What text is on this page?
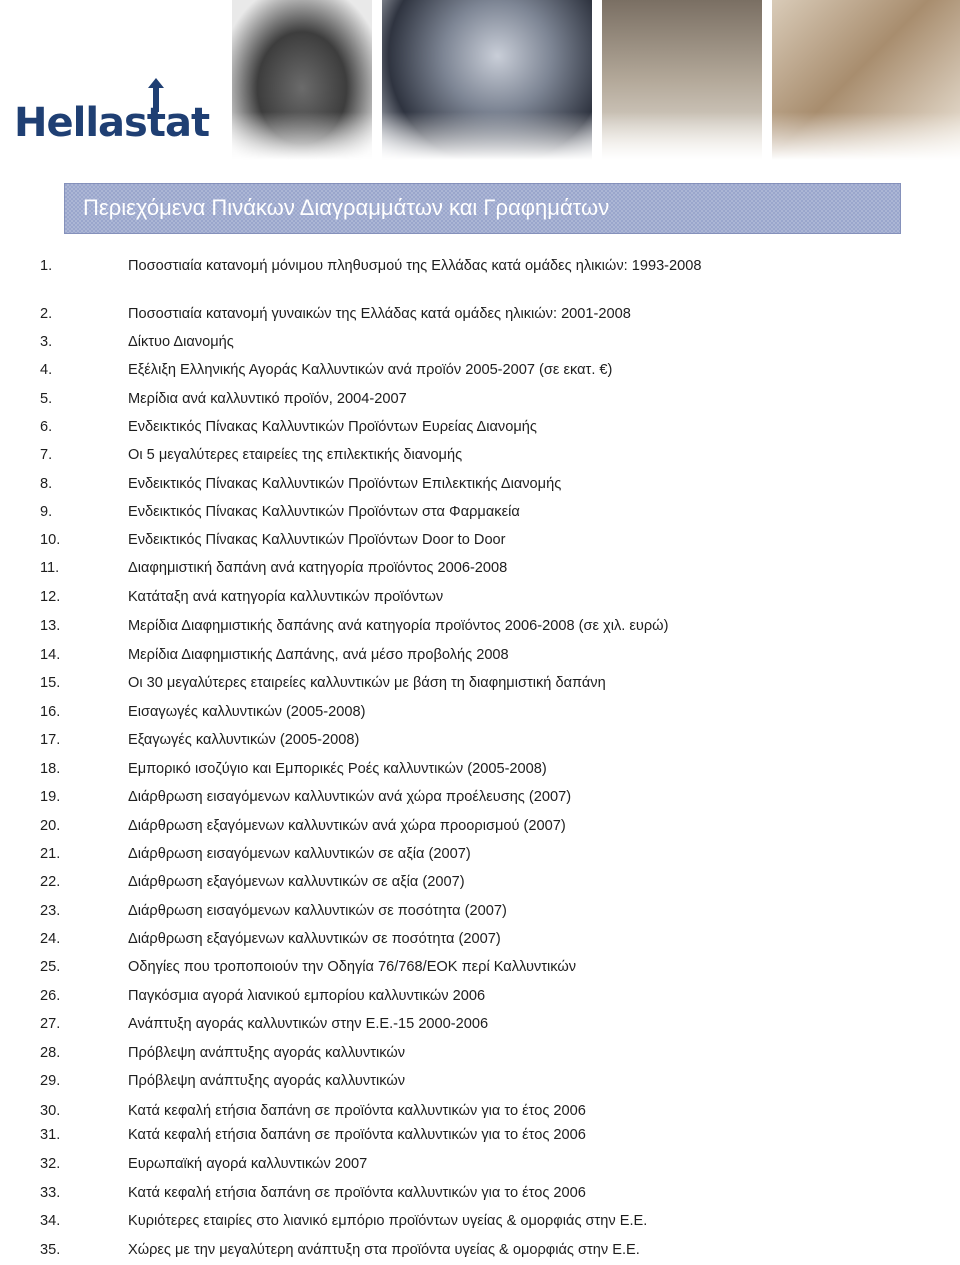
Hellastat
Περιεχόμενα Πινάκων Διαγραμμάτων και Γραφημάτων
1.	Ποσοστιαία κατανομή μόνιμου πληθυσμού της Ελλάδας κατά ομάδες ηλικιών: 1993-2008
2.	Ποσοστιαία κατανομή γυναικών της Ελλάδας κατά ομάδες ηλικιών: 2001-2008
3.	Δίκτυο Διανομής
4.	Εξέλιξη Ελληνικής Αγοράς Καλλυντικών ανά προϊόν 2005-2007 (σε εκατ. €)
5.	Μερίδια ανά καλλυντικό προϊόν, 2004-2007
6.	Ενδεικτικός Πίνακας Καλλυντικών Προϊόντων Ευρείας Διανομής
7.	Οι 5 μεγαλύτερες εταιρείες της επιλεκτικής διανομής
8.	Ενδεικτικός Πίνακας Καλλυντικών Προϊόντων Επιλεκτικής Διανομής
9.	Ενδεικτικός Πίνακας Καλλυντικών Προϊόντων στα Φαρμακεία
10.	Ενδεικτικός Πίνακας Καλλυντικών Προϊόντων Door to Door
11.	Διαφημιστική δαπάνη ανά κατηγορία προϊόντος 2006-2008
12.	Κατάταξη ανά κατηγορία καλλυντικών προϊόντων
13.	Μερίδια Διαφημιστικής δαπάνης ανά κατηγορία προϊόντος 2006-2008 (σε χιλ. ευρώ)
14.	Μερίδια Διαφημιστικής Δαπάνης, ανά μέσο προβολής 2008
15.	Οι 30 μεγαλύτερες εταιρείες καλλυντικών με βάση τη διαφημιστική δαπάνη
16.	Εισαγωγές καλλυντικών (2005-2008)
17.	Εξαγωγές καλλυντικών (2005-2008)
18.	Εμπορικό ισοζύγιο και Εμπορικές Ροές καλλυντικών (2005-2008)
19.	Διάρθρωση εισαγόμενων καλλυντικών ανά χώρα προέλευσης (2007)
20.	Διάρθρωση εξαγόμενων καλλυντικών ανά χώρα προορισμού (2007)
21.	Διάρθρωση εισαγόμενων καλλυντικών σε αξία (2007)
22.	Διάρθρωση εξαγόμενων καλλυντικών σε αξία (2007)
23.	Διάρθρωση εισαγόμενων καλλυντικών σε ποσότητα (2007)
24.	Διάρθρωση εξαγόμενων καλλυντικών σε ποσότητα (2007)
25.	Οδηγίες που τροποποιούν την Οδηγία 76/768/ΕΟΚ περί Καλλυντικών
26.	Παγκόσμια αγορά λιανικού εμπορίου καλλυντικών 2006
27.	Ανάπτυξη αγοράς καλλυντικών στην Ε.Ε.-15 2000-2006
28.	Πρόβλεψη ανάπτυξης αγοράς καλλυντικών
29.	Πρόβλεψη ανάπτυξης αγοράς καλλυντικών
30.	Κατά κεφαλή ετήσια δαπάνη σε προϊόντα καλλυντικών για το έτος 2006
31.	Κατά κεφαλή ετήσια δαπάνη σε προϊόντα καλλυντικών για το έτος 2006
32.	Ευρωπαϊκή αγορά καλλυντικών 2007
33.	Κατά κεφαλή ετήσια δαπάνη σε προϊόντα καλλυντικών για το έτος 2006
34.	Κυριότερες εταιρίες στο λιανικό εμπόριο προϊόντων υγείας & ομορφιάς στην Ε.Ε.
35.	Χώρες με την μεγαλύτερη ανάπτυξη στα προϊόντα υγείας & ομορφιάς στην Ε.Ε.
